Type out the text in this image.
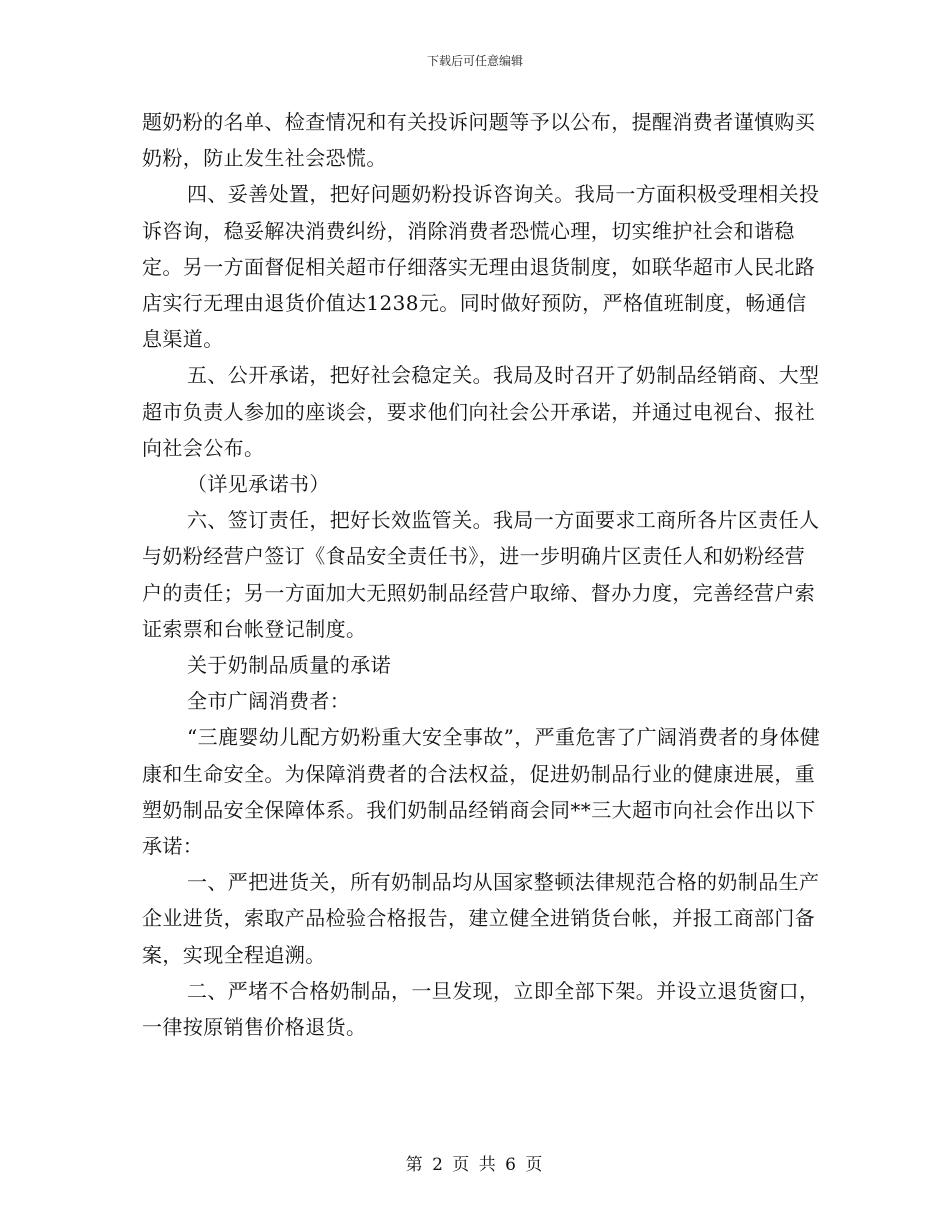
下载后可任意编辑

题奶粉的名单、检查情况和有关投诉问题等予以公布，提醒消费者谨慎购买奶粉，防止发生社会恐慌。

四、妥善处置，把好问题奶粉投诉咨询关。我局一方面积极受理相关投诉咨询，稳妥解决消费纠纷，消除消费者恐慌心理，切实维护社会和谐稳定。另一方面督促相关超市仔细落实无理由退货制度，如联华超市人民北路店实行无理由退货价值达1238元。同时做好预防，严格值班制度，畅通信息渠道。

五、公开承诺，把好社会稳定关。我局及时召开了奶制品经销商、大型超市负责人参加的座谈会，要求他们向社会公开承诺，并通过电视台、报社向社会公布。

（详见承诺书）

六、签订责任，把好长效监管关。我局一方面要求工商所各片区责任人与奶粉经营户签订《食品安全责任书》，进一步明确片区责任人和奶粉经营户的责任；另一方面加大无照奶制品经营户取缔、督办力度，完善经营户索证索票和台帐登记制度。

关于奶制品质量的承诺

全市广阔消费者：

“三鹿婴幼儿配方奶粉重大安全事故”，严重危害了广阔消费者的身体健康和生命安全。为保障消费者的合法权益，促进奶制品行业的健康进展，重塑奶制品安全保障体系。我们奶制品经销商会同**三大超市向社会作出以下承诺：

一、严把进货关，所有奶制品均从国家整顿法律规范合格的奶制品生产企业进货，索取产品检验合格报告，建立健全进销货台帐，并报工商部门备案，实现全程追溯。

二、严堵不合格奶制品，一旦发现，立即全部下架。并设立退货窗口，一律按原销售价格退货。

第 2 页 共 6 页
